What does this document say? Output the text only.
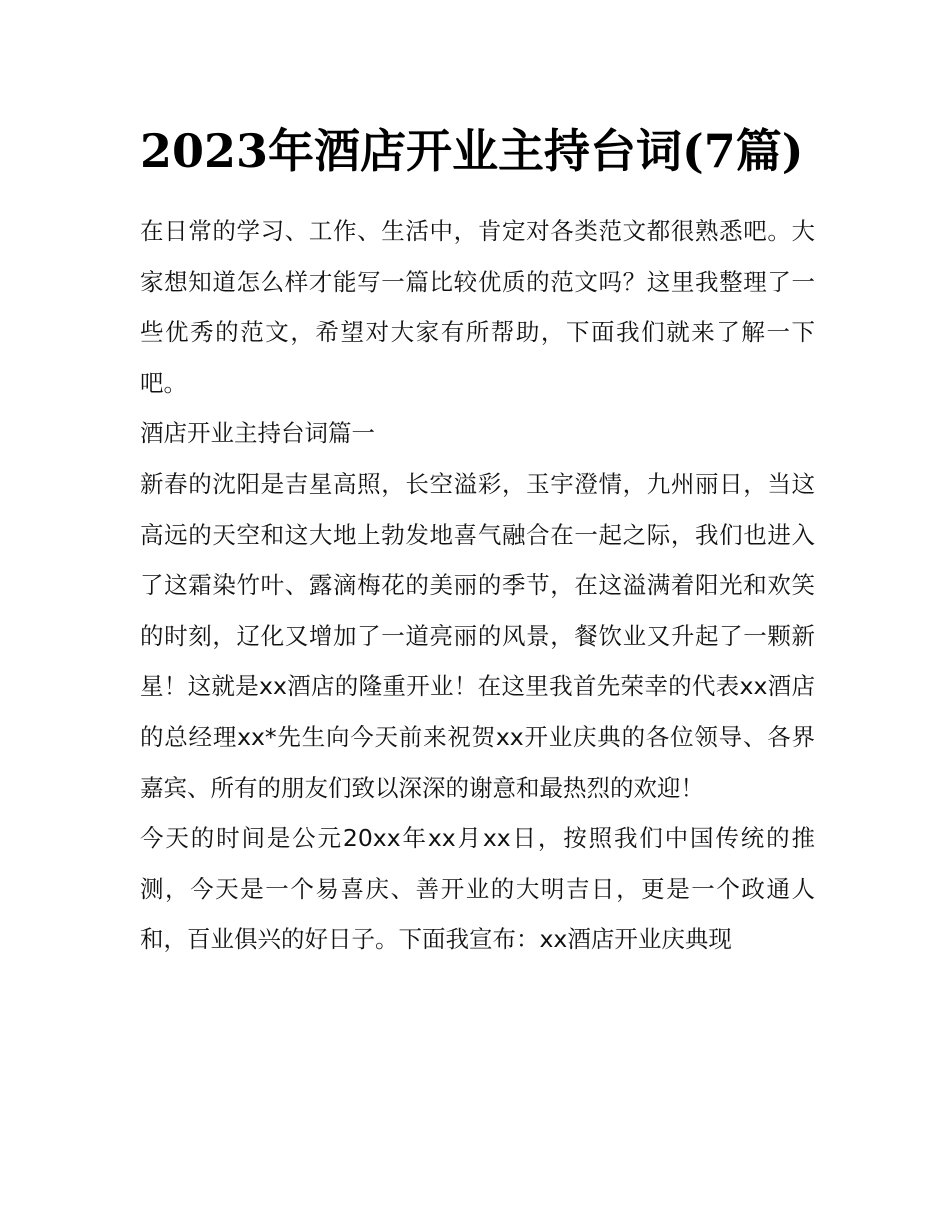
2023年酒店开业主持台词(7篇)

在日常的学习、工作、生活中，肯定对各类范文都很熟悉吧。大家想知道怎么样才能写一篇比较优质的范文吗？这里我整理了一些优秀的范文，希望对大家有所帮助，下面我们就来了解一下吧。

酒店开业主持台词篇一

新春的沈阳是吉星高照，长空溢彩，玉宇澄情，九州丽日，当这高远的天空和这大地上勃发地喜气融合在一起之际，我们也进入了这霜染竹叶、露滴梅花的美丽的季节，在这溢满着阳光和欢笑的时刻，辽化又增加了一道亮丽的风景，餐饮业又升起了一颗新星！这就是xx酒店的隆重开业！在这里我首先荣幸的代表xx酒店的总经理xx*先生向今天前来祝贺xx开业庆典的各位领导、各界嘉宾、所有的朋友们致以深深的谢意和最热烈的欢迎！

今天的时间是公元20xx年xx月xx日，按照我们中国传统的推测，今天是一个易喜庆、善开业的大明吉日，更是一个政通人和，百业俱兴的好日子。下面我宣布：xx酒店开业庆典现
